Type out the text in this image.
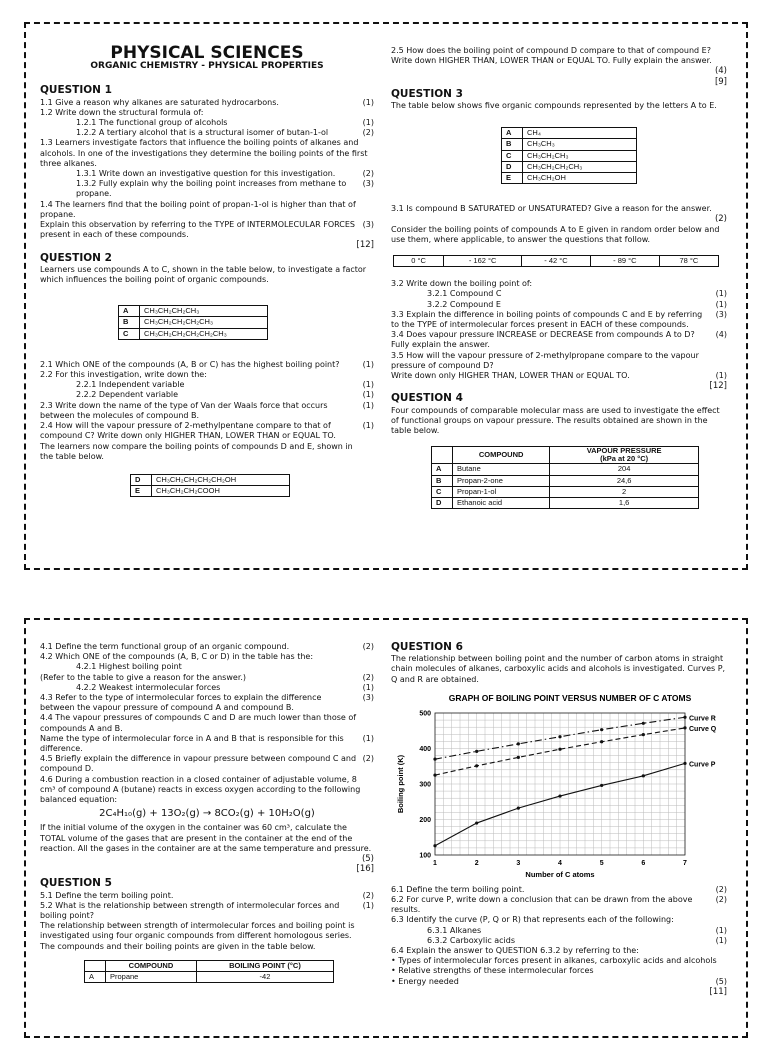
PHYSICAL SCIENCES
ORGANIC CHEMISTRY - PHYSICAL PROPERTIES
QUESTION 1
1.1 Give a reason why alkanes are saturated hydrocarbons.	(1)
1.2 Write down the structural formula of:
1.2.1 The functional group of alcohols	(1)
1.2.2 A tertiary alcohol that is a structural isomer of butan-1-ol	(2)
1.3 Learners investigate factors that influence the boiling points of alkanes and alcohols. In one of the investigations they determine the boiling points of the first three alkanes.
1.3.1 Write down an investigative question for this investigation.	(2)
1.3.2 Fully explain why the boiling point increases from methane to propane.
(3)
1.4 The learners find that the boiling point of propan-1-ol is higher than that of propane.
Explain this observation by referring to the TYPE of INTERMOLECULAR FORCES present in each of these compounds.
(3)
[12]
QUESTION 2
Learners use compounds A to C, shown in the table below, to investigate a factor which influences the boiling point of organic compounds.
A	CH₃CH₂CH₂CH₃
B	CH₃CH₂CH₂CH₂CH₃
C	CH₃CH₂CH₂CH₂CH₂CH₃
2.1 Which ONE of the compounds (A, B or C) has the highest boiling point?	(1)
2.2 For this investigation, write down the:
2.2.1 Independent variable	(1)
2.2.2 Dependent variable	(1)
2.3 Write down the name of the type of Van der Waals force that occurs between the molecules of compound B.
(1)
2.4 How will the vapour pressure of 2-methylpentane compare to that of compound C? Write down only HIGHER THAN, LOWER THAN or EQUAL TO.
(1)
The learners now compare the boiling points of compounds D and E, shown in the table below.
D	CH₃CH₂CH₂CH₂CH₂OH
E	CH₃CH₂CH₂COOH
2.5 How does the boiling point of compound D compare to that of compound E? Write down HIGHER THAN, LOWER THAN or EQUAL TO. Fully explain the answer.
(4)
[9]
QUESTION 3
The table below shows five organic compounds represented by the letters A to E.
A	CH₄
B	CH₃CH₃
C	CH₃CH₂CH₃
D	CH₃CH₂CH₂CH₃
E	CH₃CH₂OH
3.1 Is compound B SATURATED or UNSATURATED? Give a reason for the answer.
(2)
Consider the boiling points of compounds A to E given in random order below and use them, where applicable, to answer the questions that follow.
0 °C	- 162 °C	- 42 °C	- 89 °C	78 °C
3.2 Write down the boiling point of:
3.2.1 Compound C	(1)
3.2.2 Compound E	(1)
3.3 Explain the difference in boiling points of compounds C and E by referring to the TYPE of intermolecular forces present in EACH of these compounds.
(3)
3.4 Does vapour pressure INCREASE or DECREASE from compounds A to D? Fully explain the answer.
(4)
3.5 How will the vapour pressure of 2-methylpropane compare to the vapour pressure of compound D?
Write down only HIGHER THAN, LOWER THAN or EQUAL TO.	(1)
[12]
QUESTION 4
Four compounds of comparable molecular mass are used to investigate the effect of functional groups on vapour pressure. The results obtained are shown in the table below.
	COMPOUND	VAPOUR PRESSURE
(kPa at 20 °C)
A	Butane	204
B	Propan-2-one	24,6
C	Propan-1-ol	2
D	Ethanoic acid	1,6
4.1 Define the term functional group of an organic compound.	(2)
4.2 Which ONE of the compounds (A, B, C or D) in the table has the:
4.2.1 Highest boiling point
(Refer to the table to give a reason for the answer.)	(2)
4.2.2 Weakest intermolecular forces	(1)
4.3 Refer to the type of intermolecular forces to explain the difference between the vapour pressure of compound A and compound B.
(3)
4.4 The vapour pressures of compounds C and D are much lower than those of compounds A and B.
Name the type of intermolecular force in A and B that is responsible for this difference.
(1)
4.5 Briefly explain the difference in vapour pressure between compound C and compound D.
(2)
4.6 During a combustion reaction in a closed container of adjustable volume, 8 cm³ of compound A (butane) reacts in excess oxygen according to the following balanced equation:
2C₄H₁₀(g) + 13O₂(g) → 8CO₂(g) + 10H₂O(g)
If the initial volume of the oxygen in the container was 60 cm³, calculate the TOTAL volume of the gases that are present in the container at the end of the reaction. All the gases in the container are at the same temperature and pressure.
(5)
[16]
QUESTION 5
5.1 Define the term boiling point.	(2)
5.2 What is the relationship between strength of intermolecular forces and boiling point?
(1)
The relationship between strength of intermolecular forces and boiling point is investigated using four organic compounds from different homologous series. The compounds and their boiling points are given in the table below.
	COMPOUND	BOILING POINT (°C)
A	Propane	-42
QUESTION 6
The relationship between boiling point and the number of carbon atoms in straight chain molecules of alkanes, carboxylic acids and alcohols is investigated. Curves P, Q and R are obtained.
GRAPH OF BOILING POINT VERSUS NUMBER OF C ATOMS
1	2	3	4	5	6	7
100
200
300
400
500
Number of C atoms
Boiling point (K)
Curve R
Curve Q
Curve P
6.1 Define the term boiling point.	(2)
6.2 For curve P, write down a conclusion that can be drawn from the above results.
(2)
6.3 Identify the curve (P, Q or R) that represents each of the following:
6.3.1 Alkanes	(1)
6.3.2 Carboxylic acids	(1)
6.4 Explain the answer to QUESTION 6.3.2 by referring to the:
• Types of intermolecular forces present in alkanes, carboxylic acids and alcohols
• Relative strengths of these intermolecular forces
• Energy needed	(5)
[11]
